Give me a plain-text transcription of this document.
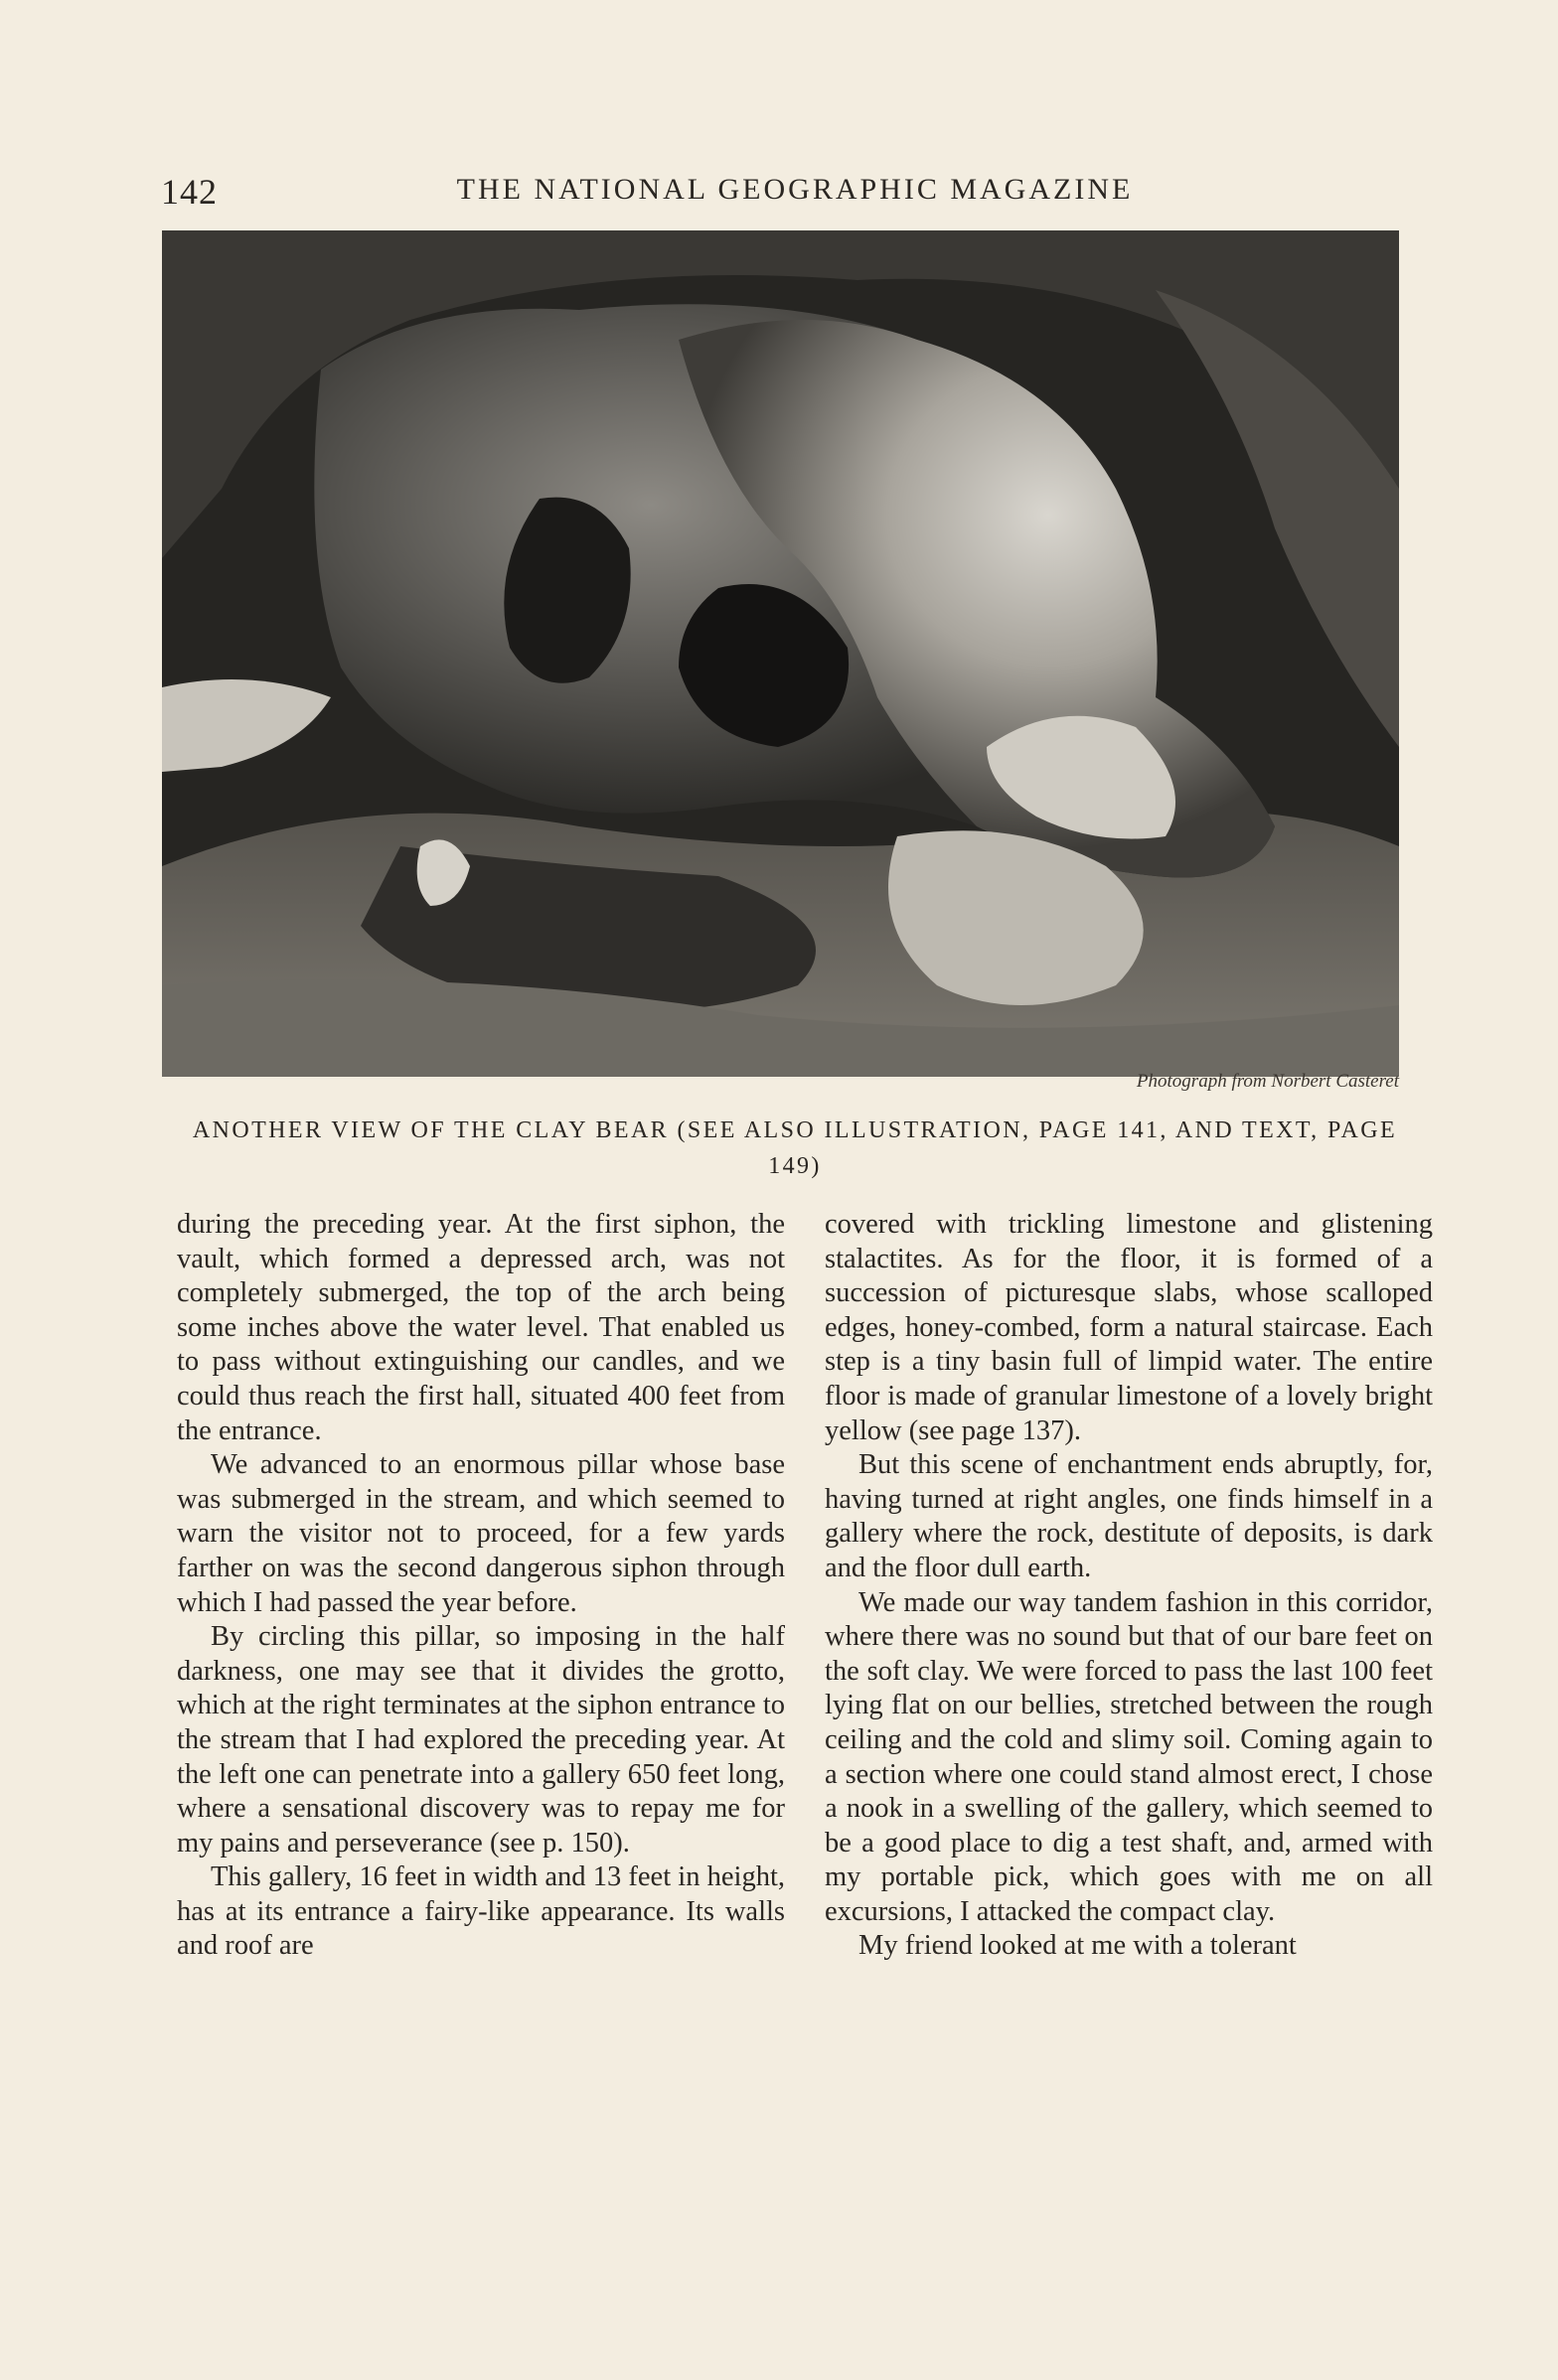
142	THE NATIONAL GEOGRAPHIC MAGAZINE
Photograph from Norbert Casteret
ANOTHER VIEW OF THE CLAY BEAR (SEE ALSO ILLUSTRATION, PAGE 141, AND TEXT, PAGE 149)

during the preceding year. At the first siphon, the vault, which formed a depressed arch, was not completely submerged, the top of the arch being some inches above the water level. That enabled us to pass without extinguishing our candles, and we could thus reach the first hall, situated 400 feet from the entrance.

We advanced to an enormous pillar whose base was submerged in the stream, and which seemed to warn the visitor not to proceed, for a few yards farther on was the second dangerous siphon through which I had passed the year before.

By circling this pillar, so imposing in the half darkness, one may see that it divides the grotto, which at the right terminates at the siphon entrance to the stream that I had explored the preceding year. At the left one can penetrate into a gallery 650 feet long, where a sensational discovery was to repay me for my pains and perseverance (see p. 150).

This gallery, 16 feet in width and 13 feet in height, has at its entrance a fairy-like appearance. Its walls and roof are

covered with trickling limestone and glistening stalactites. As for the floor, it is formed of a succession of picturesque slabs, whose scalloped edges, honey-combed, form a natural staircase. Each step is a tiny basin full of limpid water. The entire floor is made of granular limestone of a lovely bright yellow (see page 137).

But this scene of enchantment ends abruptly, for, having turned at right angles, one finds himself in a gallery where the rock, destitute of deposits, is dark and the floor dull earth.

We made our way tandem fashion in this corridor, where there was no sound but that of our bare feet on the soft clay. We were forced to pass the last 100 feet lying flat on our bellies, stretched between the rough ceiling and the cold and slimy soil. Coming again to a section where one could stand almost erect, I chose a nook in a swelling of the gallery, which seemed to be a good place to dig a test shaft, and, armed with my portable pick, which goes with me on all excursions, I attacked the compact clay.

My friend looked at me with a tolerant
